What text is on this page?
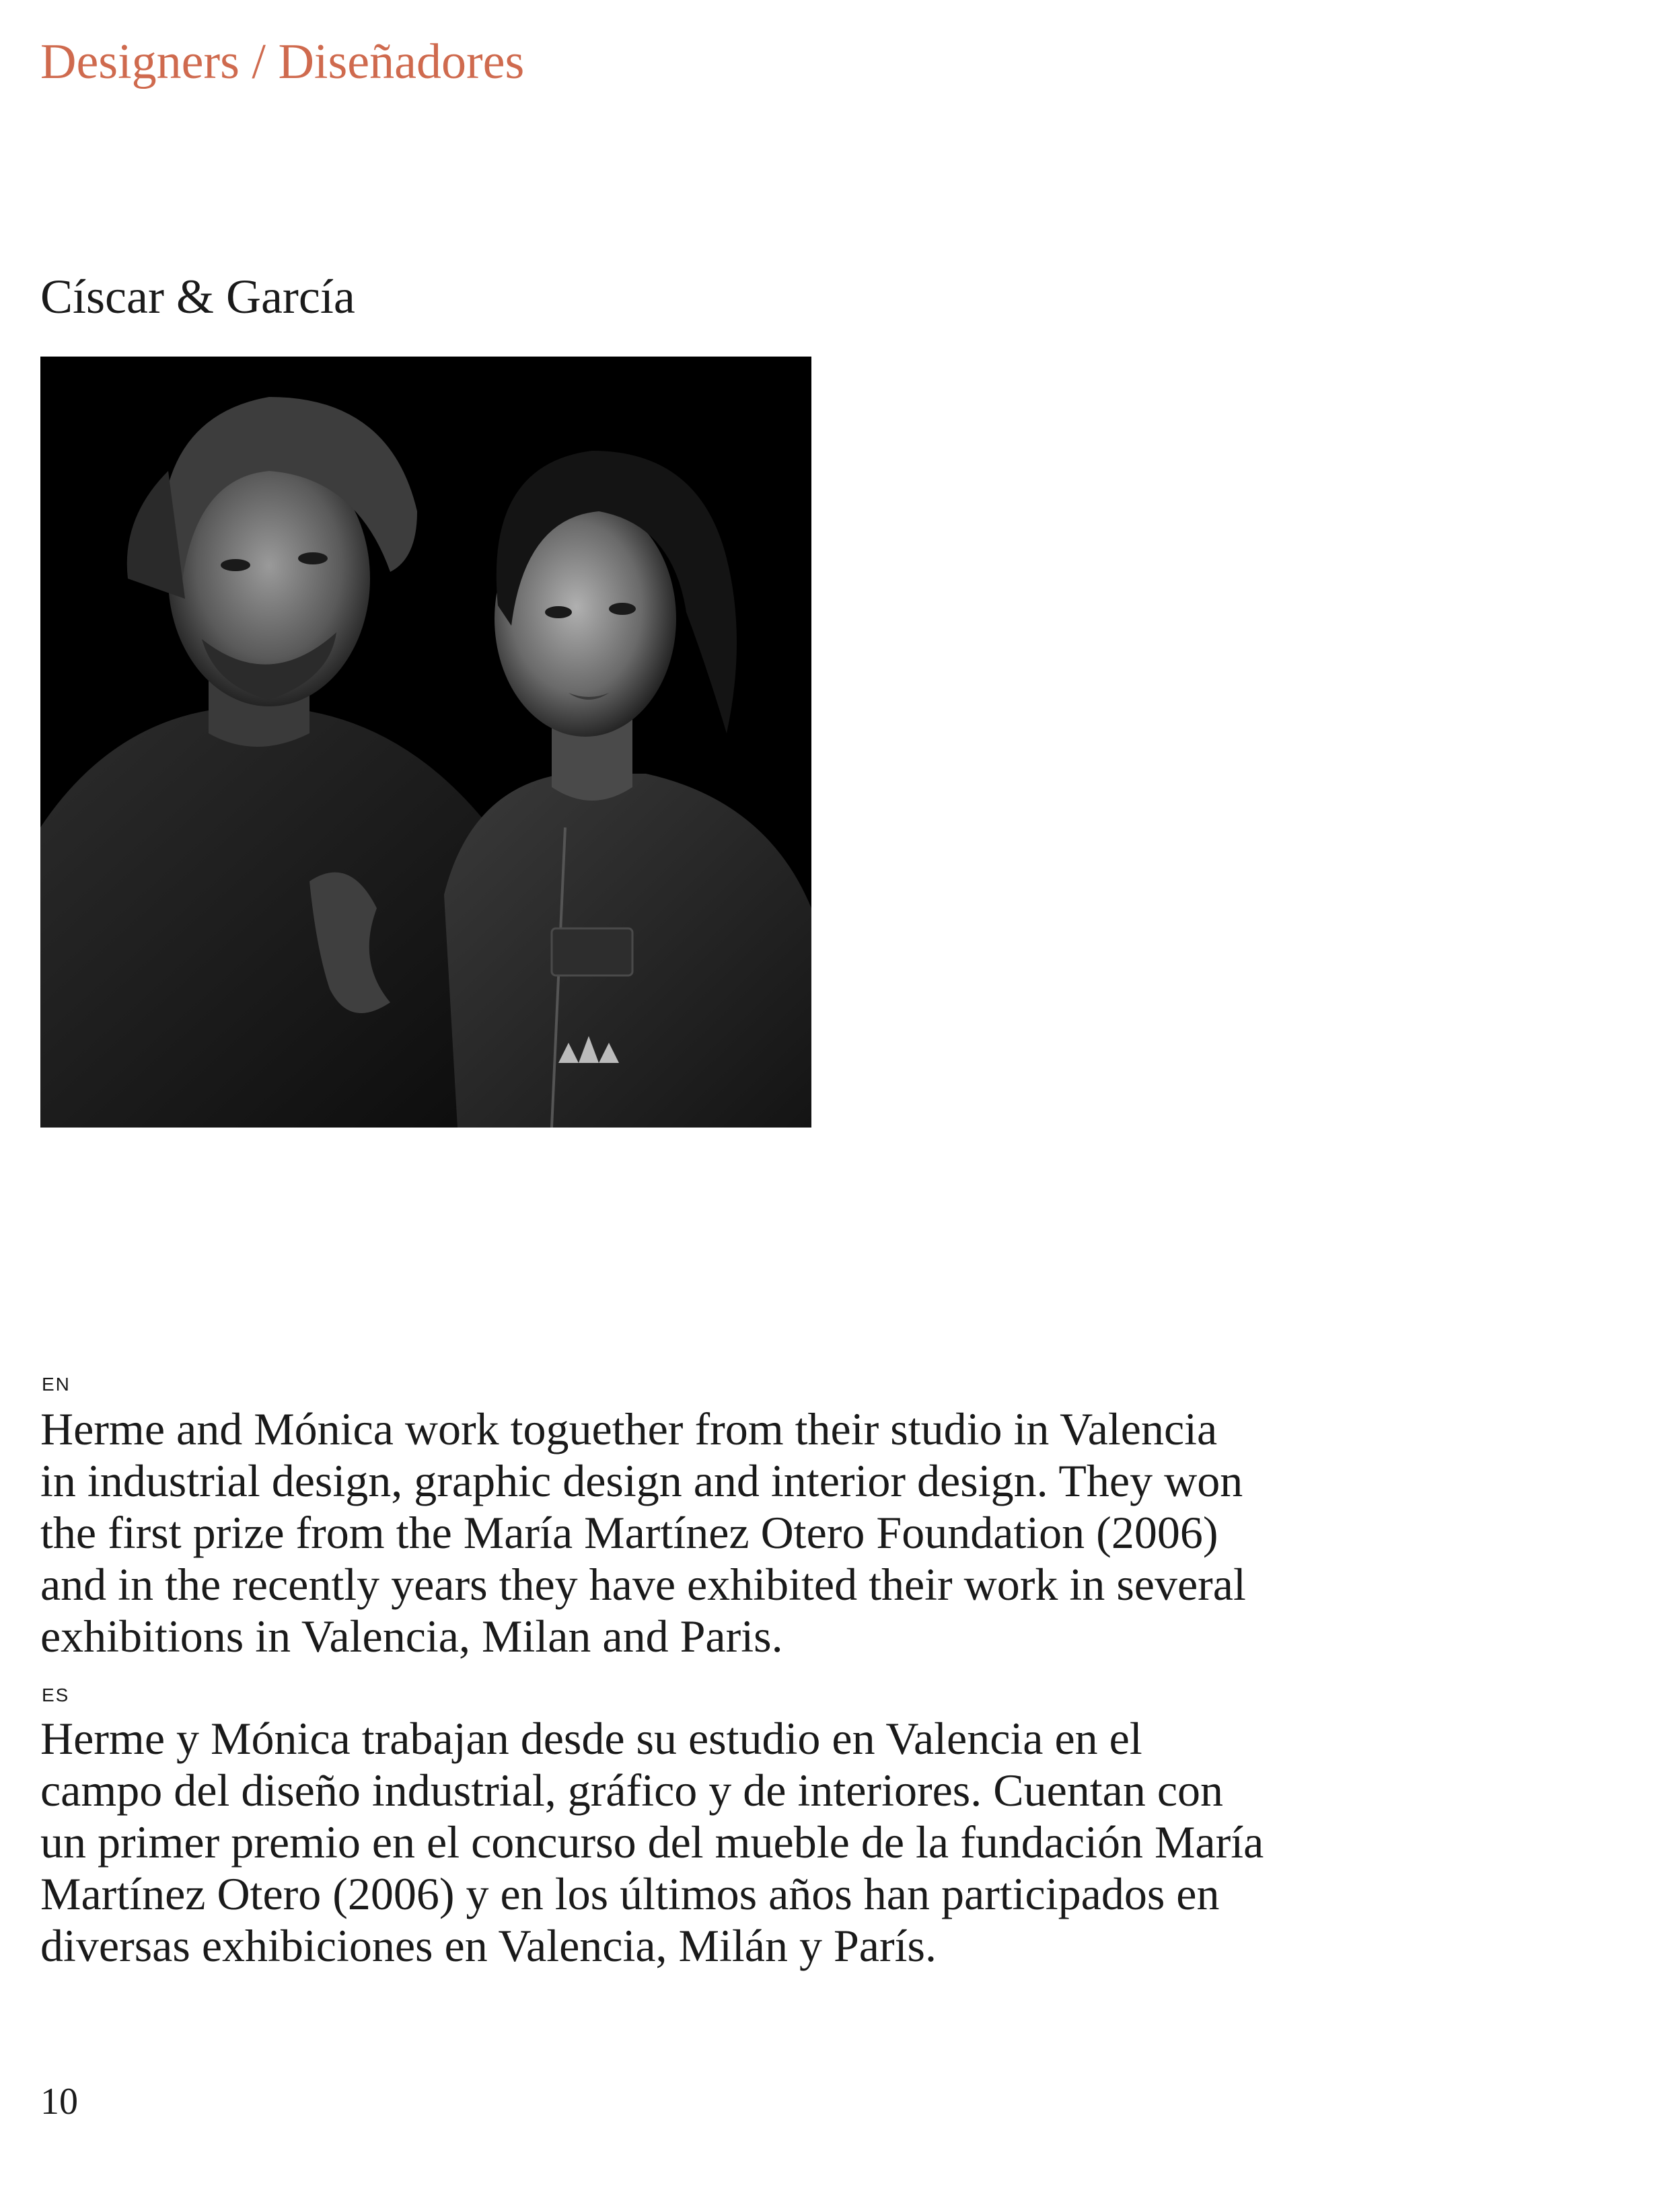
Designers / Diseñadores
Císcar & García
EN
Herme and Mónica work toguether from their studio in Valencia
in industrial design, graphic design and interior design. They won
the first prize from the María Martínez Otero Foundation (2006)
and in the recently years they have exhibited their work in several
exhibitions in Valencia, Milan and Paris.
ES
Herme y Mónica trabajan desde su estudio en Valencia en el
campo del diseño industrial, gráfico y de interiores. Cuentan con
un primer premio en el concurso del mueble de la fundación María
Martínez Otero (2006) y en los últimos años han participados en
diversas exhibiciones en Valencia, Milán y París.
10
